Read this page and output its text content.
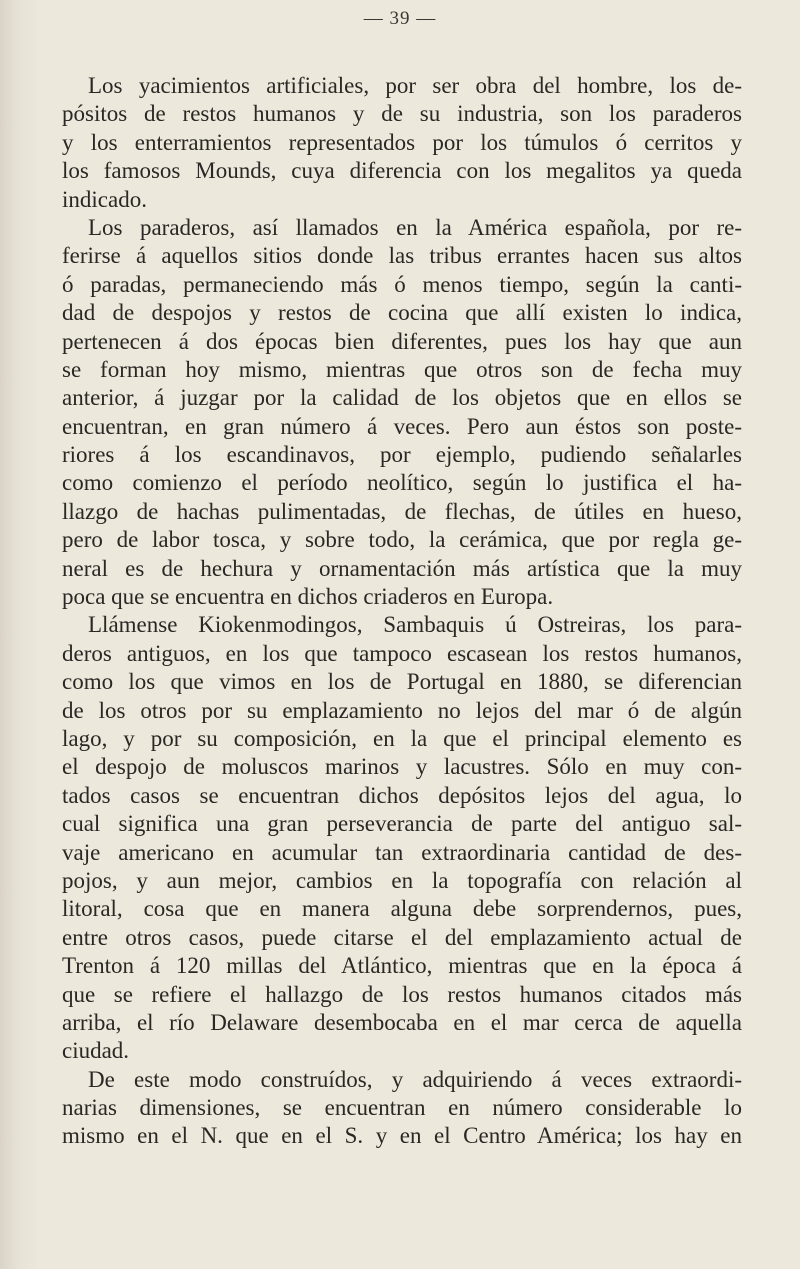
— 39 —
Los yacimientos artificiales, por ser obra del hombre, los de-
pósitos de restos humanos y de su industria, son los paraderos
y los enterramientos representados por los túmulos ó cerritos y
los famosos Mounds, cuya diferencia con los megalitos ya queda
indicado.
Los paraderos, así llamados en la América española, por re-
ferirse á aquellos sitios donde las tribus errantes hacen sus altos
ó paradas, permaneciendo más ó menos tiempo, según la canti-
dad de despojos y restos de cocina que allí existen lo indica,
pertenecen á dos épocas bien diferentes, pues los hay que aun
se forman hoy mismo, mientras que otros son de fecha muy
anterior, á juzgar por la calidad de los objetos que en ellos se
encuentran, en gran número á veces. Pero aun éstos son poste-
riores á los escandinavos, por ejemplo, pudiendo señalarles
como comienzo el período neolítico, según lo justifica el ha-
llazgo de hachas pulimentadas, de flechas, de útiles en hueso,
pero de labor tosca, y sobre todo, la cerámica, que por regla ge-
neral es de hechura y ornamentación más artística que la muy
poca que se encuentra en dichos criaderos en Europa.
Llámense Kiokenmodingos, Sambaquis ú Ostreiras, los para-
deros antiguos, en los que tampoco escasean los restos humanos,
como los que vimos en los de Portugal en 1880, se diferencian
de los otros por su emplazamiento no lejos del mar ó de algún
lago, y por su composición, en la que el principal elemento es
el despojo de moluscos marinos y lacustres. Sólo en muy con-
tados casos se encuentran dichos depósitos lejos del agua, lo
cual significa una gran perseverancia de parte del antiguo sal-
vaje americano en acumular tan extraordinaria cantidad de des-
pojos, y aun mejor, cambios en la topografía con relación al
litoral, cosa que en manera alguna debe sorprendernos, pues,
entre otros casos, puede citarse el del emplazamiento actual de
Trenton á 120 millas del Atlántico, mientras que en la época á
que se refiere el hallazgo de los restos humanos citados más
arriba, el río Delaware desembocaba en el mar cerca de aquella
ciudad.
De este modo construídos, y adquiriendo á veces extraordi-
narias dimensiones, se encuentran en número considerable lo
mismo en el N. que en el S. y en el Centro América; los hay en
